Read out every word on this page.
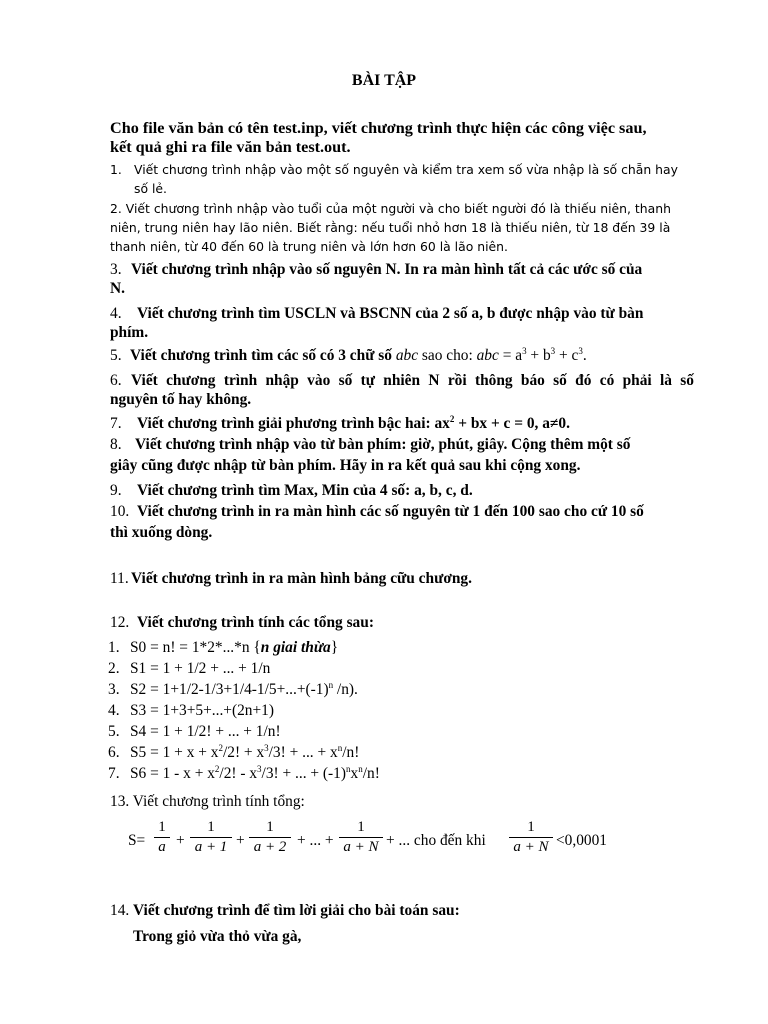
BÀI TẬP
Cho file văn bản có tên test.inp, viết chương trình thực hiện các công việc sau,
kết quả ghi ra file văn bản test.out.
1. Viết chương trình nhập vào một số nguyên và kiểm tra xem số vừa nhập là số chẵn hay
số lẻ.
2. Viết chương trình nhập vào tuổi của một người và cho biết người đó là thiếu niên, thanh
niên, trung niên hay lão niên. Biết rằng: nếu tuổi nhỏ hơn 18 là thiếu niên, từ 18 đến 39 là
thanh niên, từ 40 đến 60 là trung niên và lớn hơn 60 là lão niên.
3. Viết chương trình nhập vào số nguyên N. In ra màn hình tất cả các ước số của
N.
4. Viết chương trình tìm USCLN và BSCNN của 2 số a, b được nhập vào từ bàn
phím.
5. Viết chương trình tìm các số có 3 chữ số abc sao cho: abc = $a^3 + b^3 + c^3$.
6. Viết chương trình nhập vào số tự nhiên N rồi thông báo số đó có phải là số
nguyên tố hay không.
7. Viết chương trình giải phương trình bậc hai: $ax^2$ + bx + c = 0, a≠0.
8. Viết chương trình nhập vào từ bàn phím: giờ, phút, giây. Cộng thêm một số
giây cũng được nhập từ bàn phím. Hãy in ra kết quả sau khi cộng xong.
9. Viết chương trình tìm Max, Min của 4 số: a, b, c, d.
10. Viết chương trình in ra màn hình các số nguyên từ 1 đến 100 sao cho cứ 10 số
thì xuống dòng.
11. Viết chương trình in ra màn hình bảng cữu chương.
12. Viết chương trình tính các tổng sau:
1. S0 = n! = 1*2*...*n {n giai thừa}
2. S1 = 1 + 1/2 + ... + 1/n
3. $S2 = 1+1/2-1/3+1/4-1/5+...+(-1)^n$ /n).
4. S3 = 1+3+5+...+(2n+1)
5. S4 = 1 + 1/2! + ... + 1/n!
6. $S5 = 1 + x + x^2/2$! + $x^3/3$! + ... + $x^n/n$!
7. $S6 = 1 - x + x^2/2$! - $x^3/3$! + ... + $(-1)^nx^n/n$!
13. Viết chương trình tính tổng:
S=
1
a +
1
a + 1 +
1
a + 2 + ... +
1
a + N + ... cho đến khi
1
a + N <0,0001
14. Viết chương trình để tìm lời giải cho bài toán sau:
Trong giỏ vừa thỏ vừa gà,
